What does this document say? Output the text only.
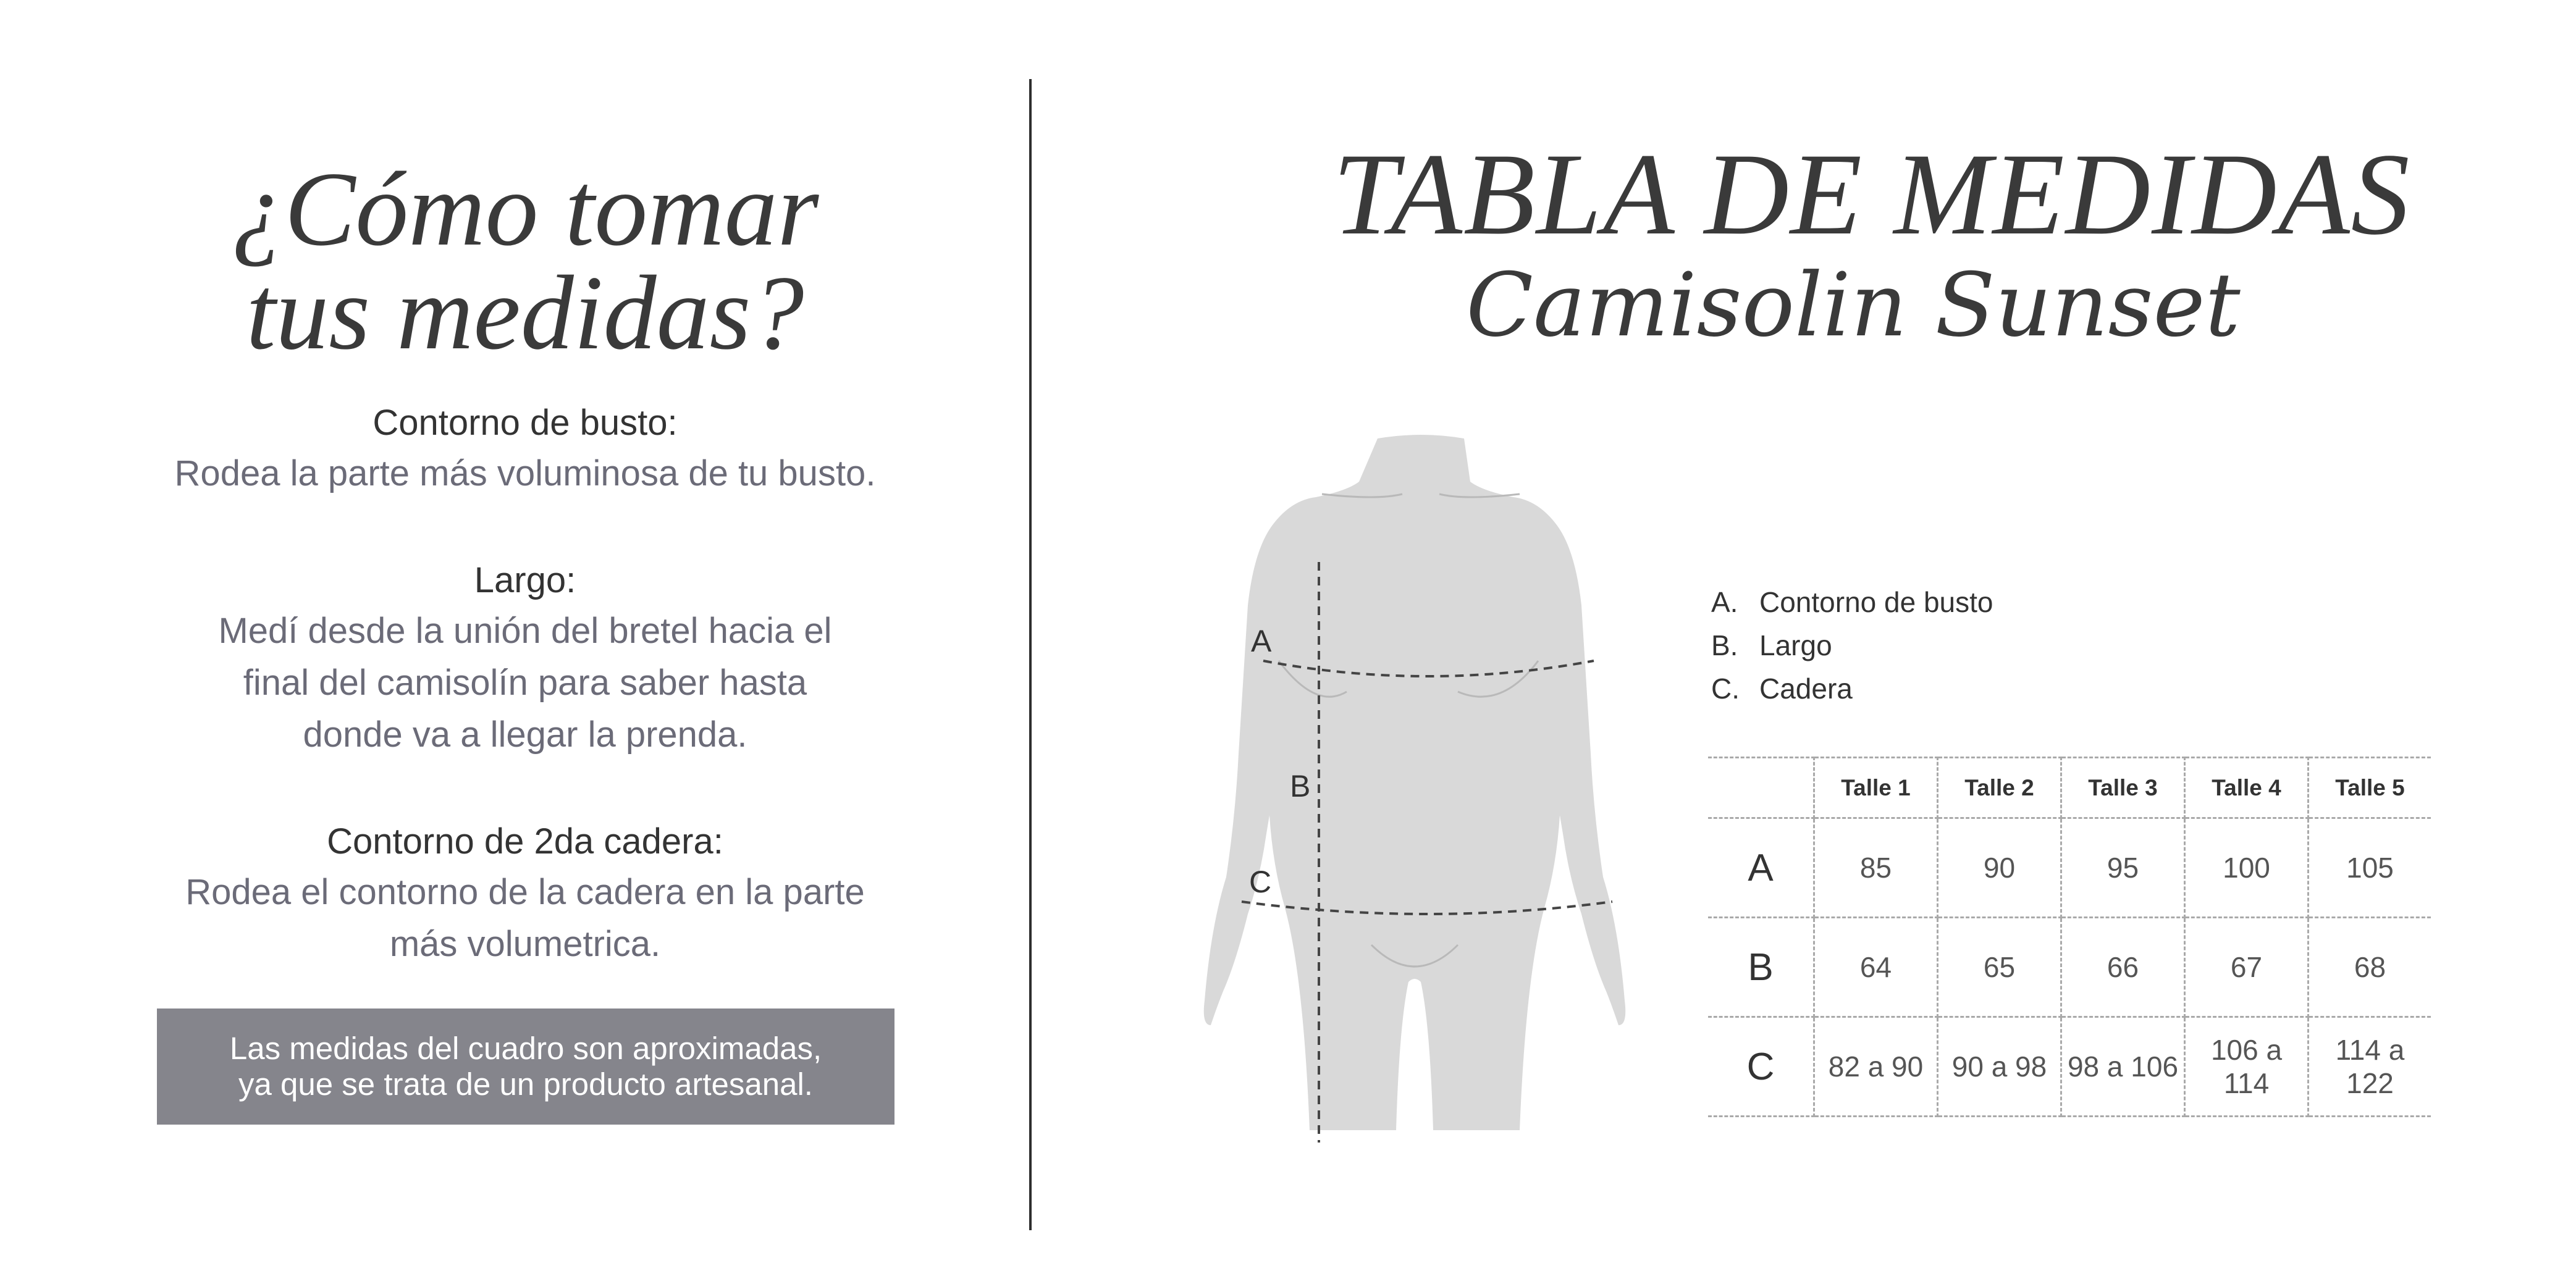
¿Cómo tomar
tus medidas?
Contorno de busto:
Rodea la parte más voluminosa de tu busto.
Largo:
Medí desde la unión del bretel hacia el
final del camisolín para saber hasta
donde va a llegar la prenda.
Contorno de 2da cadera:
Rodea el contorno de la cadera en la parte
más volumetrica.
Las medidas del cuadro son aproximadas,
ya que se trata de un producto artesanal.
TABLA DE MEDIDAS
Camisolin Sunset
A
B
C
A. Contorno de busto
B. Largo
C. Cadera
	Talle 1	Talle 2	Talle 3	Talle 4	Talle 5
A	85	90	95	100	105
B	64	65	66	67	68
C	82 a 90	90 a 98	98 a 106	106 a 114	114 a 122
